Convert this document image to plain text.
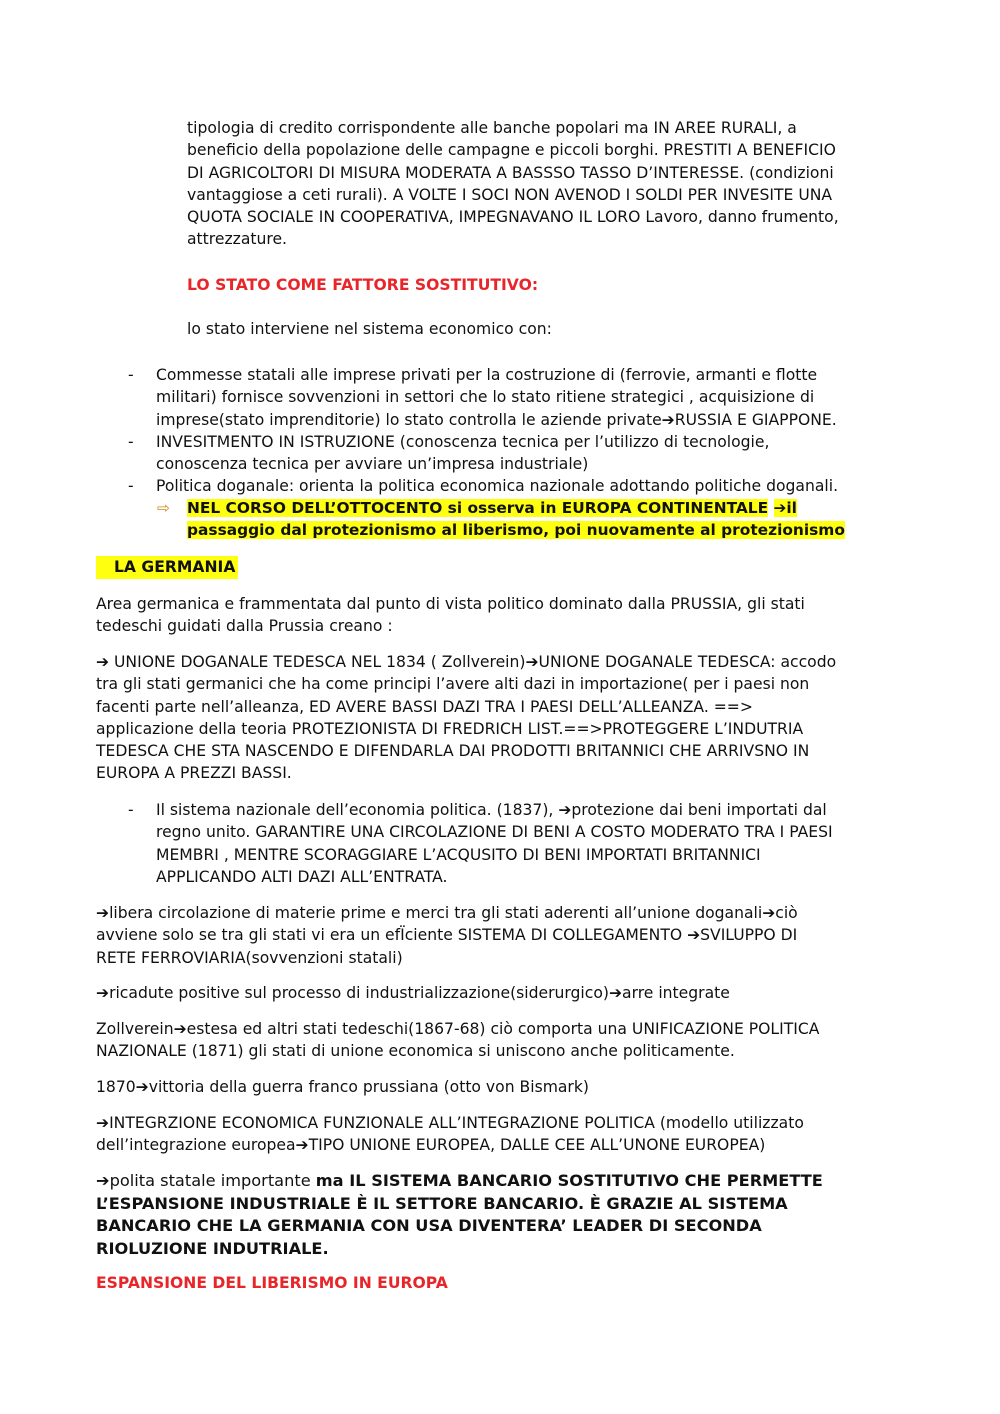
tipologia di credito corrispondente alle banche popolari ma IN AREE RURALI, a
beneficio della popolazione delle campagne e piccoli borghi. PRESTITI A BENEFICIO
DI AGRICOLTORI DI MISURA MODERATA A BASSSO TASSO D’INTERESSE. (condizioni
vantaggiose a ceti rurali). A VOLTE I SOCI NON AVENOD I SOLDI PER INVESITE UNA
QUOTA SOCIALE IN COOPERATIVA, IMPEGNAVANO IL LORO Lavoro, danno frumento,
attrezzature.
LO STATO COME FATTORE SOSTITUTIVO:
lo stato interviene nel sistema economico con:
- Commesse statali alle imprese privati per la costruzione di (ferrovie, armanti e flotte
militari) fornisce sovvenzioni in settori che lo stato ritiene strategici , acquisizione di
imprese(stato imprenditorie) lo stato controlla le aziende private➔RUSSIA E GIAPPONE.
- INVESITMENTO IN ISTRUZIONE (conoscenza tecnica per l’utilizzo di tecnologie,
conoscenza tecnica per avviare un’impresa industriale)
- Politica doganale: orienta la politica economica nazionale adottando politiche doganali.
⇨ NEL CORSO DELL’OTTOCENTO si osserva in EUROPA CONTINENTALE ➔il
passaggio dal protezionismo al liberismo, poi nuovamente al protezionismo
LA GERMANIA
Area germanica e frammentata dal punto di vista politico dominato dalla PRUSSIA, gli stati
tedeschi guidati dalla Prussia creano :
➔ UNIONE DOGANALE TEDESCA NEL 1834 ( Zollverein)➔UNIONE DOGANALE TEDESCA: accodo
tra gli stati germanici che ha come principi l’avere alti dazi in importazione( per i paesi non
facenti parte nell’alleanza, ED AVERE BASSI DAZI TRA I PAESI DELL’ALLEANZA. ==>
applicazione della teoria PROTEZIONISTA DI FREDRICH LIST.==>PROTEGGERE L’INDUTRIA
TEDESCA CHE STA NASCENDO E DIFENDARLA DAI PRODOTTI BRITANNICI CHE ARRIVSNO IN
EUROPA A PREZZI BASSI.
- Il sistema nazionale dell’economia politica. (1837), ➔protezione dai beni importati dal
regno unito. GARANTIRE UNA CIRCOLAZIONE DI BENI A COSTO MODERATO TRA I PAESI
MEMBRI , MENTRE SCORAGGIARE L’ACQUSITO DI BENI IMPORTATI BRITANNICI
APPLICANDO ALTI DAZI ALL’ENTRATA.
➔libera circolazione di materie prime e merci tra gli stati aderenti all’unione doganali➔ciò
avviene solo se tra gli stati vi era un efÏciente SISTEMA DI COLLEGAMENTO ➔SVILUPPO DI
RETE FERROVIARIA(sovvenzioni statali)
➔ricadute positive sul processo di industrializzazione(siderurgico)➔arre integrate
Zollverein➔estesa ed altri stati tedeschi(1867-68) ciò comporta una UNIFICAZIONE POLITICA
NAZIONALE (1871) gli stati di unione economica si uniscono anche politicamente.
1870➔vittoria della guerra franco prussiana (otto von Bismark)
➔INTEGRZIONE ECONOMICA FUNZIONALE ALL’INTEGRAZIONE POLITICA (modello utilizzato
dell’integrazione europea➔TIPO UNIONE EUROPEA, DALLE CEE ALL’UNONE EUROPEA)
➔polita statale importante ma IL SISTEMA BANCARIO SOSTITUTIVO CHE PERMETTE
L’ESPANSIONE INDUSTRIALE È IL SETTORE BANCARIO. È GRAZIE AL SISTEMA
BANCARIO CHE LA GERMANIA CON USA DIVENTERA’ LEADER DI SECONDA
RIOLUZIONE INDUTRIALE.
ESPANSIONE DEL LIBERISMO IN EUROPA
